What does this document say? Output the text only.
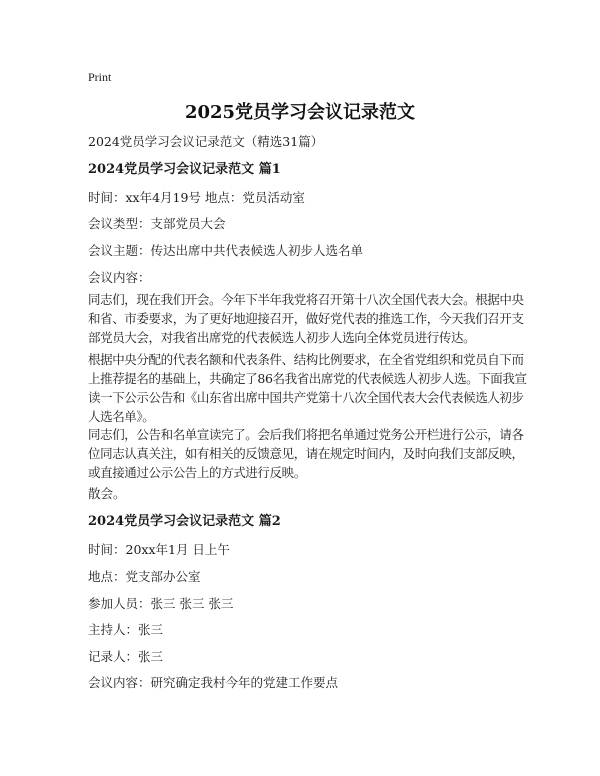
Print
2025党员学习会议记录范文
2024党员学习会议记录范文（精选31篇）
2024党员学习会议记录范文 篇1
时间：xx年4月19号 地点：党员活动室
会议类型：支部党员大会
会议主题：传达出席中共代表候选人初步人选名单
会议内容：
同志们，现在我们开会。今年下半年我党将召开第十八次全国代表大会。根据中央和省、市委要求，为了更好地迎接召开，做好党代表的推选工作，今天我们召开支部党员大会，对我省出席党的代表候选人初步人选向全体党员进行传达。
根据中央分配的代表名额和代表条件、结构比例要求，在全省党组织和党员自下而上推荐提名的基础上，共确定了86名我省出席党的代表候选人初步人选。下面我宣读一下公示公告和《山东省出席中国共产党第十八次全国代表大会代表候选人初步人选名单》。
同志们，公告和名单宣读完了。会后我们将把名单通过党务公开栏进行公示，请各位同志认真关注，如有相关的反馈意见，请在规定时间内，及时向我们支部反映，或直接通过公示公告上的方式进行反映。
散会。
2024党员学习会议记录范文 篇2
时间：20xx年1月 日上午
地点：党支部办公室
参加人员：张三 张三 张三
主持人：张三
记录人：张三
会议内容：研究确定我村今年的党建工作要点
